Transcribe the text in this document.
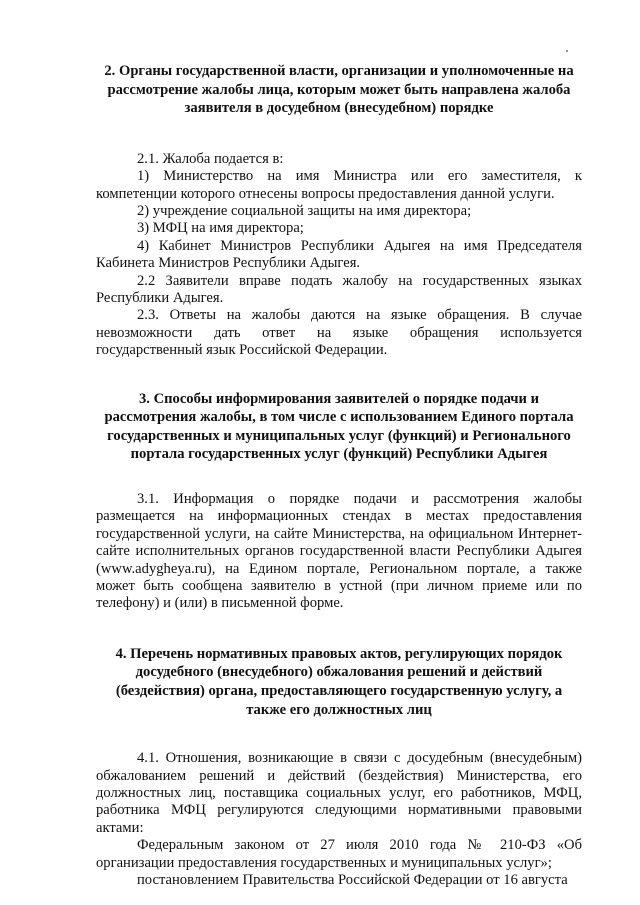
2. Органы государственной власти, организации и уполномоченные на рассмотрение жалобы лица, которым может быть направлена жалоба заявителя в досудебном (внесудебном) порядке

2.1. Жалоба подается в:

1) Министерство на имя Министра или его заместителя, к компетенции которого отнесены вопросы предоставления данной услуги.

2) учреждение социальной защиты на имя директора;

3) МФЦ на имя директора;

4) Кабинет Министров Республики Адыгея на имя Председателя Кабинета Министров Республики Адыгея.

2.2 Заявители вправе подать жалобу на государственных языках Республики Адыгея.

2.3. Ответы на жалобы даются на языке обращения. В случае невозможности дать ответ на языке обращения используется государственный язык Российской Федерации.

3. Способы информирования заявителей о порядке подачи и рассмотрения жалобы, в том числе с использованием Единого портала государственных и муниципальных услуг (функций) и Регионального портала государственных услуг (функций) Республики Адыгея

3.1. Информация о порядке подачи и рассмотрения жалобы размещается на информационных стендах в местах предоставления государственной услуги, на сайте Министерства, на официальном Интернет-сайте исполнительных органов государственной власти Республики Адыгея (www.adygheya.ru), на Едином портале, Региональном портале, а также может быть сообщена заявителю в устной (при личном приеме или по телефону) и (или) в письменной форме.

4. Перечень нормативных правовых актов, регулирующих порядок досудебного (внесудебного) обжалования решений и действий (бездействия) органа, предоставляющего государственную услугу, а также его должностных лиц

4.1. Отношения, возникающие в связи с досудебным (внесудебным) обжалованием решений и действий (бездействия) Министерства, его должностных лиц, поставщика социальных услуг, его работников, МФЦ, работника МФЦ регулируются следующими нормативными правовыми актами:

Федеральным законом от 27 июля 2010 года № 210-ФЗ «Об организации предоставления государственных и муниципальных услуг»;

постановлением Правительства Российской Федерации от 16 августа
